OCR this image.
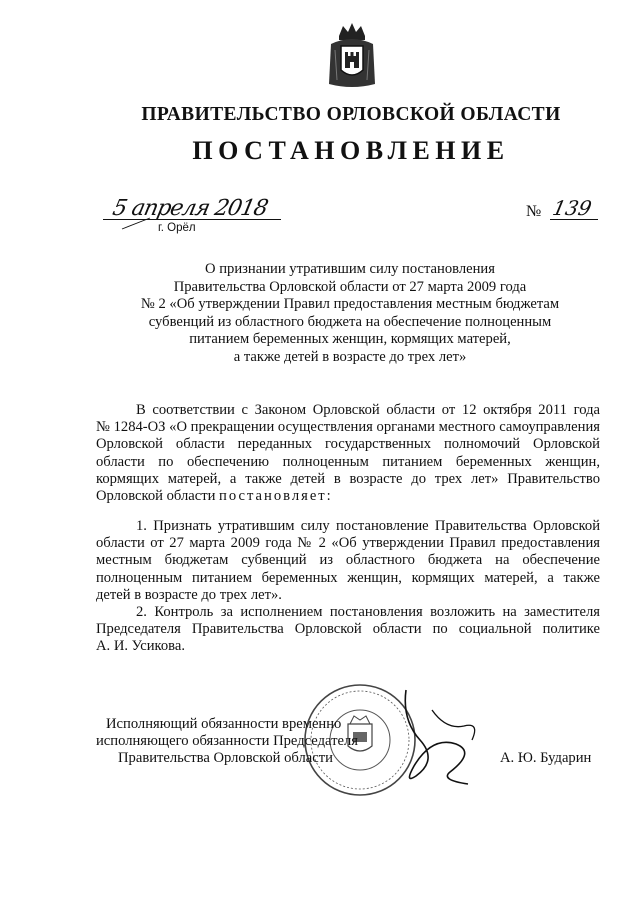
ПРАВИТЕЛЬСТВО ОРЛОВСКОЙ ОБЛАСТИ
ПОСТАНОВЛЕНИЕ
5 апреля 2018
г. Орёл
№ 139
О признании утратившим силу постановления
Правительства Орловской области от 27 марта 2009 года
№ 2 «Об утверждении Правил предоставления местным бюджетам
субвенций из областного бюджета на обеспечение полноценным
питанием беременных женщин, кормящих матерей,
а также детей в возрасте до трех лет»
В соответствии с Законом Орловской области от 12 октября 2011 года
№ 1284-ОЗ «О прекращении осуществления органами местного самоуправления
Орловской области переданных государственных полномочий Орловской
области по обеспечению полноценным питанием беременных женщин,
кормящих матерей, а также детей в возрасте до трех лет» Правительство
Орловской области постановляет:
1. Признать утратившим силу постановление Правительства Орловской
области от 27 марта 2009 года № 2 «Об утверждении Правил предоставления
местным бюджетам субвенций из областного бюджета на обеспечение
полноценным питанием беременных женщин, кормящих матерей, а также
детей в возрасте до трех лет».
2. Контроль за исполнением постановления возложить на заместителя
Председателя Правительства Орловской области по социальной политике
А. И. Усикова.
Исполняющий обязанности временно
исполняющего обязанности Председателя
Правительства Орловской области	А. Ю. Бударин
